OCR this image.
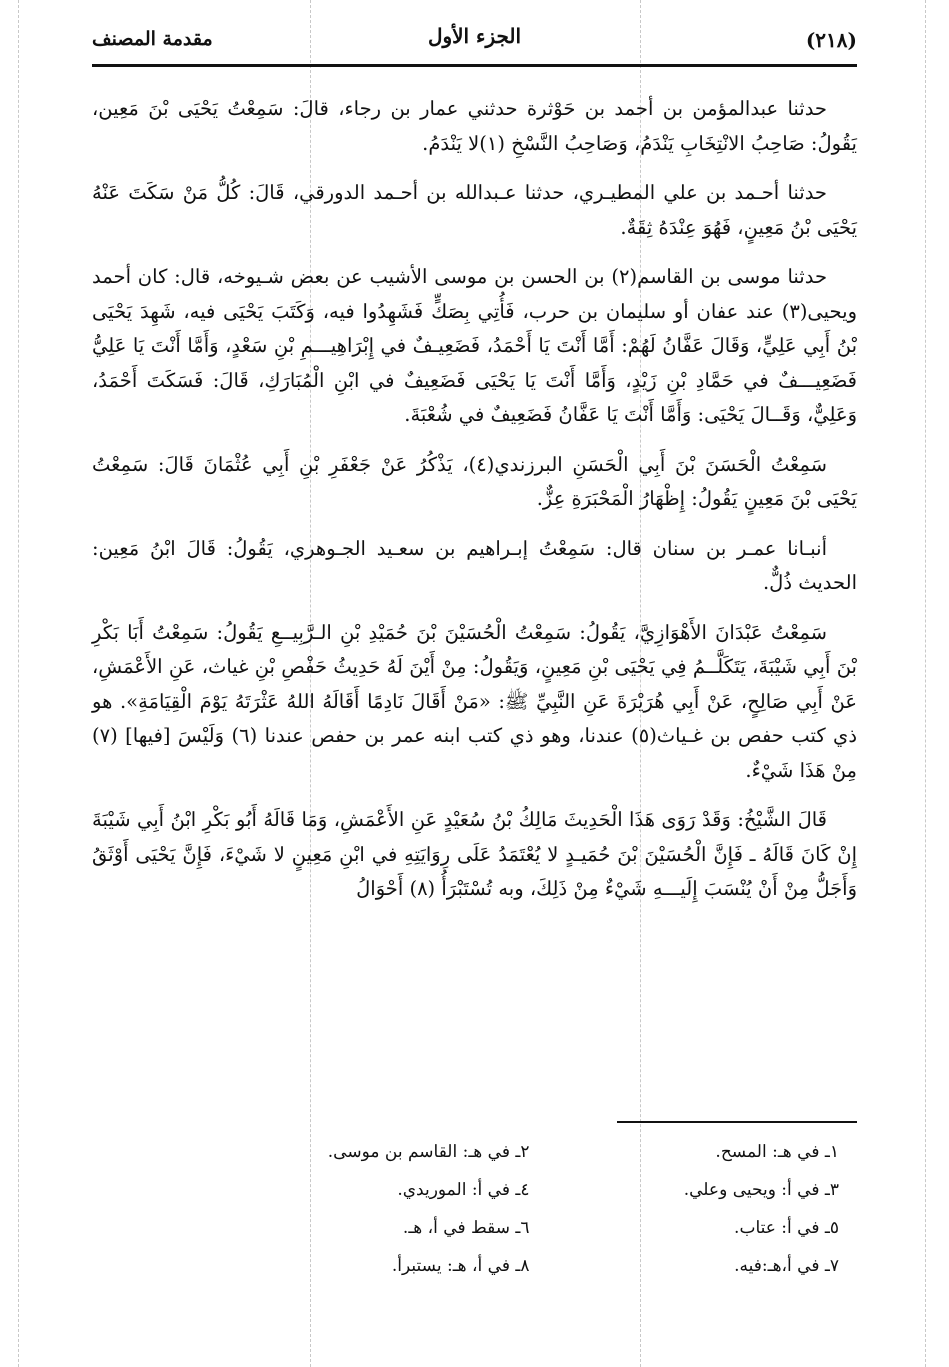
(٢١٨)
الجزء الأول
مقدمة المصنف

حدثنا عبدالمؤمن بن أحمد بن حَوْثرة حدثني عمار بن رجاء، قالَ: سَمِعْتُ يَحْيَى بْنَ مَعِين، يَقُولُ: صَاحِبُ الانْتِخَابِ يَنْدَمُ، وَصَاحِبُ النَّسْخِ (١)لا يَنْدَمُ.

حدثنا أحـمد بن علي المطيـري، حدثنا عـبدالله بن أحـمد الدورقي، قَالَ: كُلُّ مَنْ سَكَتَ عَنْهُ يَحْيَى بْنُ مَعِينٍ، فَهُوَ عِنْدَهُ ثِقَةٌ.

حدثنا موسى بن القاسم(٢) بن الحسن بن موسى الأشيب عن بعض شـيوخه، قال: كان أحمد ويحيى(٣) عند عفان أو سليمان بن حرب، فَأُتِي بِصَكٍّ فَشَهِدُوا فيه، وَكَتَبَ يَحْيَى فيه، شَهِدَ يَحْيَى بْنُ أَبِي عَلِيٍّ، وَقَالَ عَفَّانُ لَهُمْ: أَمَّا أَنْتَ يَا أَحْمَدُ، فَضَعِيـفٌ في إِبْرَاهِيـــمِ بْنِ سَعْدٍ، وَأَمَّا أَنْتَ يَا عَلِيُّ فَضَعِيـــفٌ في حَمَّادِ بْنِ زَيْدٍ، وَأَمَّا أَنْتَ يَا يَحْيَى فَضَعِيفٌ في ابْنِ الْمُبَارَكِ، قَالَ: فَسَكَتَ أَحْمَدُ، وَعَلِيٌّ، وَقَــالَ يَحْيَى: وَأَمَّا أَنْتَ يَا عَفَّانُ فَضَعِيفٌ في شُعْبَةَ.

سَمِعْتُ الْحَسَنَ بْنَ أَبِي الْحَسَنِ البرزندي(٤)، يَذْكُرُ عَنْ جَعْفَرِ بْنِ أَبِي عُثْمَانَ قَالَ: سَمِعْتُ يَحْيَى بْنَ مَعِينٍ يَقُولُ: إِظْهَارُ الْمَحْبَرَةِ عِزٌّ.

أنبـانا عمـر بن سنان قال: سَمِعْتُ إبـراهيم بن سعـيد الجـوهري، يَقُولُ: قَالَ ابْنُ مَعِين: الحديث ذُلٌّ.

سَمِعْتُ عَبْدَانَ الأَهْوَازِيَّ، يَقُولُ: سَمِعْتُ الْحُسَيْنَ بْنَ حُمَيْدِ بْنِ الـرَّبِيــعِ يَقُولُ: سَمِعْتُ أَبَا بَكْرِ بْنَ أَبِي شَيْبَةَ، يَتَكَلَّــمُ فِي يَحْيَى بْنِ مَعِينٍ، وَيَقُولُ: مِنْ أَيْنَ لَهُ حَدِيثُ حَفْصِ بْنِ غياث، عَنِ الأَعْمَشِ، عَنْ أَبِي صَالِحٍ، عَنْ أَبِي هُرَيْرَةَ عَنِ النَّبِيِّ ﷺ: «مَنْ أَقَالَ نَادِمًا أَقَالَهُ اللهُ عَثْرَتَهُ يَوْمَ الْقِيَامَةِ». هو ذي كتب حفص بن غـياث(٥) عندنا، وهو ذي كتب ابنه عمر بن حفص عندنا (٦) وَلَيْسَ [فيها] (٧) مِنْ هَذَا شَيْءٌ.

قَالَ الشَّيْخُ: وَقَدْ رَوَى هَذَا الْحَدِيثَ مَالِكُ بْنُ سُعَيْدٍ عَنِ الأَعْمَشِ، وَمَا قَالَهُ أَبُو بَكْرِ ابْنُ أَبِي شَيْبَةَ إِنْ كَانَ قَالَهُ ـ فَإِنَّ الْحُسَيْنَ بْنَ حُمَيـدٍ لا يُعْتَمَدُ عَلَى رِوَايَتِهِ في ابْنِ مَعِينٍ لا شَيْءَ، فَإِنَّ يَحْيَى أَوْثَقُ وَأَجَلُّ مِنْ أَنْ يُنْسَبَ إِلَيـــهِ شَيْءٌ مِنْ ذَلِكَ، وبه تُسْتَبْرَأُ (٨) أَحْوَالُ

١ـ في هـ: المسح.
٢ـ في هـ: القاسم بن موسى.
٣ـ في أ: ويحيى وعلي.
٤ـ في أ: الموريدي.
٥ـ في أ: عتاب.
٦ـ سقط في أ، هـ.
٧ـ في أ،هـ:فيه.
٨ـ في أ، هـ: يستبرأ.
